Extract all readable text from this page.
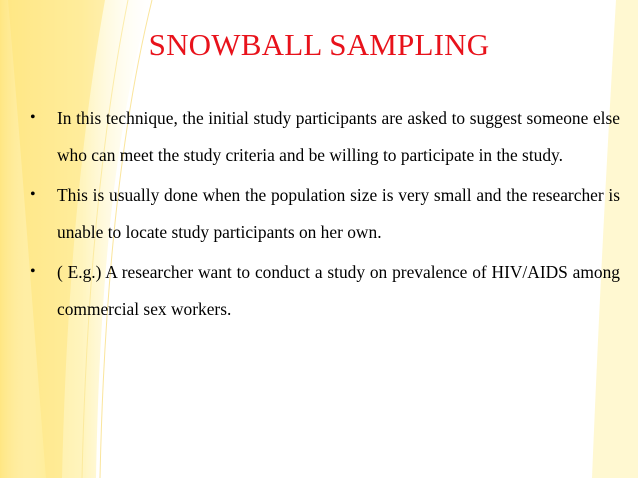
SNOWBALL SAMPLING
• In this technique, the initial study participants are asked to suggest someone else who can meet the study criteria and be willing to participate in the study.
• This is usually done when the population size is very small and the researcher is unable to locate study participants on her own.
• ( E.g.) A researcher want to conduct a study on prevalence of HIV/AIDS among commercial sex workers.
